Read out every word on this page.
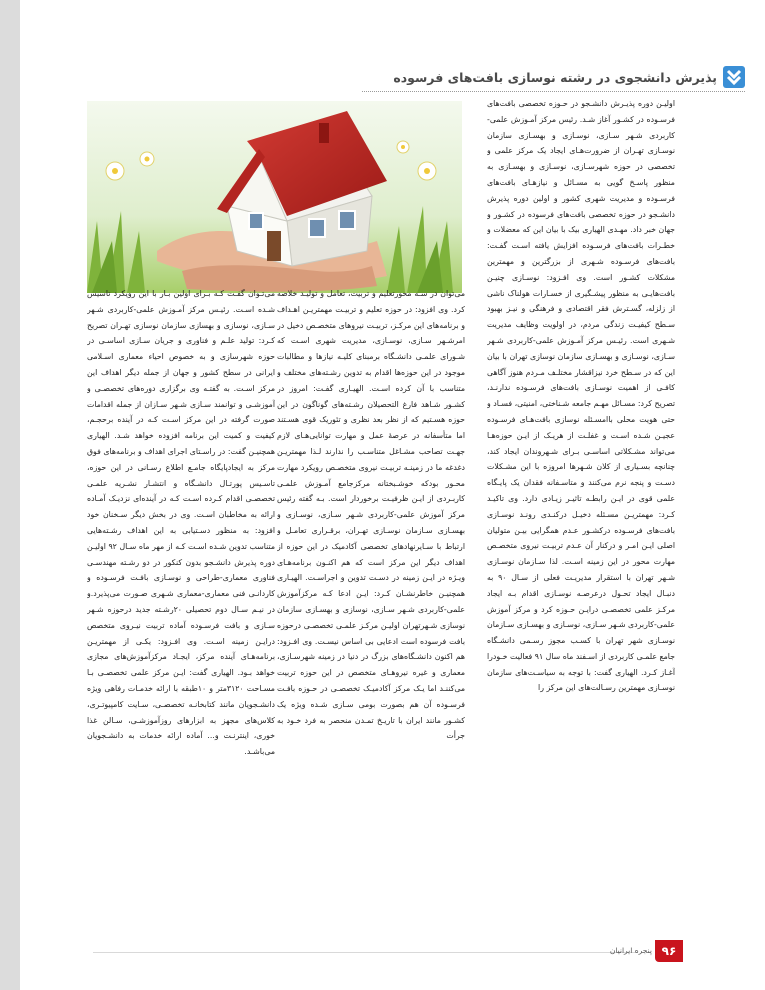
پذیرش دانشجوی در رشته نوسازی بافت‌های فرسوده

اولیـن دوره پذیـرش دانشـجو در حـوزه تخصصی بافت‌های فرسـوده در کشـور آغاز شـد. رئیس مرکز آمـوزش علمی-کاربردی شـهر سـازی، نوسـازی و بهسـازی سازمان نوسـازی تهـران از ضرورت‌هـای ایجاد یک مرکز علمی و تخصصی در حوزه شهرسـازی، نوسـازی و بهسـازی به منظور پاسـخ گویی به مسـائل و نیازهـای بافت‌های فرسـوده و مدیریت شهری کشور و اولین دوره پذیرش دانشـجو در حوزه تخصصی بافت‌های فرسوده در کشـور و جهان خبر داد. مهـدی الهیاری بیک با بیان این که معضلات و خطـرات بافت‌های فرسـوده افزایش یافته اسـت گفـت: بافت‌های فرسـوده شـهری از بزرگترین و مهمترین مشکلات کشـور است. وی افـزود: نوسـازی چنیـن بافت‌هایـی به منظور پیشـگیری از خسـارات هولناک ناشی از زلزله، گسـترش فقر اقتصادی و فرهنگی و نیـز بهبود سـطح کیفیـت زندگی مردم، در اولویت وظایف مدیریت شـهری است. رئیـس مرکز آمـوزش علمی-کاربردی شـهر سـازی، نوسـازی و بهسـازی سازمان نوسازی تهران با بیان این که در سـطح خرد نیزاقشار مختلـف مـردم هنوز آگاهی کافـی از اهمیت نوسـازی بافت‌های فرسـوده ندارنـد، تصریح کرد: مسـائل مهـم جامعه شـناختی، امنیتی، فسـاد و حتی هویت محلی باامسـئله نوسازی بافت‌هـای فرسـوده عجیـن شـده اسـت و غفلـت از هریـک از ایـن حوزه‌هـا می‌تواند مشـکلاتی اساسـی بـرای شـهروندان ایجاد کند، چنانچه بسـیاری از کلان شـهرها امروزه با این مشـکلات دسـت و پنجه نرم می‌کنند و متاسـفانه فقدان یک پایـگاه علمی قوی در ایـن رابطـه تاثیـر زیـادی دارد. وی تاکیـد کـرد: مهمتریـن مسـئله دخیـل درکنـدی رونـد نوسـازی بافت‌های فرسـوده درکشـور عـدم همگرایی بیـن متولیان اصلی ایـن امـر و درکنار آن عـدم تربیـت نیروی متخصـص مهارت محور در این زمینه اسـت. لذا سـازمان نوسـازی شـهر تهران با استقرار مدیریـت فعلی از سـال ۹۰ به دنبـال ایجاد تحـول درعرصـه نوسـازی اقدام بـه ایجاد مرکـز علمی تخصصـی درایـن حـوزه کرد و مرکز آموزش علمی-کاربردی شـهر سـازی، نوسـازی و بهسـازی سـازمان نوسـازی شهر تهران با کسـب مجوز رسـمی دانشـگاه جامع علمـی کاربردی از اسـفند ماه سال ۹۱ فعالیت خـودرا آغـاز کـرد. الهیاری گفت: با توجه به سیاسـت‌های سازمان نوسـازی مهمترین رسـالت‌های این مرکز را

می‌توان در سـه محورتعلیم و تربیت، تعامل و تولیـد خلاصه کرد. وی افزود: در حوزه تعلیم و تربیـت مهمتریـن اهـداف و برنامه‌های این مرکـز، تربیـت نیروهای متخصـص دخیل در امرشـهر سـازی، نوسـازی، مدیریت شهری اسـت که شـورای علمـی دانشـگاه برمبنای کلیـه نیازها و مطالبات موجود در این حوزه‌ها اقدام به تدوین رشـته‌های مختلف و متناسب با آن کرده اسـت. الهیـاری گفـت: امروز در کشـور شـاهد فارغ التحصیلان رشـته‌های گوناگون در این حوزه هسـتیم که از نظر بعد نظری و تئوریک قوی هسـتند اما متأسفانه در عرصۀ عمل و مهارت توانایی‌هـای لازم جهـت تصاحب مشـاغل متناسـب را ندارند لـذا مهمتریـن دغدغه ما در زمینـه تربیـت نیروی متخصـص رویکرد مهارت محـور بودکه خوشـبختانه مرکزجامع آمـوزش علمـی کاربـردی از ایـن ظرفیـت برخوردار است. بـه گفته رئیس مرکز آموزش علمی-کاربردی شـهر سـازی، نوسـازی و بهسـازی سـازمان نوسـازی تهـران، برقـراری تعامـل و ارتباط با سـایرنهادهای تخصصی آکادمیک در این حوزه از اهداف دیگر این مرکز است که هم اکنـون برنامه‌هـای ویـژه در ایـن زمینه در دسـت تدوین و اجراسـت. الهیـاری همچنیـن خاطرنشـان کـرد: ایـن ادعا کـه مرکزآموزش علمی-کاربردی شـهر سـازی، نوسازی و بهسـازی سازمان نوسازی شـهرتهران اولیـن مرکـز علمـی تخصصـی درحوزه بافت فرسوده است ادعایی بی اساس نیسـت. وی افـزود: هم اکنون دانشـگاه‌های بزرگ در دنیا در زمینه شهرسـازی، معماری و غیره نیروهـای متخصص در این حوزه تربیت می‌کننـد اما یـک مرکز آکادمیـک تخصصـی در حـوزه بافـت فرسـوده آن هم بصورت بومی سـازی شـده ویژه یک کشـور مانند ایران با تاریـخ تمـدن منحصر به فرد خـود به جرأت

می‌تـوان گفـت کـه بـرای اولین بـار با این رویکرد تاسیس شـده اسـت. رئیـس مرکز آمـوزش علمی-کاربردی شـهر سـازی، نوسازی و بهسازی سازمان نوسازی تهـران تصریح کـرد: تولید علـم و فناوری و جریان سـازی اساسـی در حوزه شهرسازی و به خصوص احیاء معماری اسـلامی ایرانی در سطح کشور و جهان از جمله دیگر اهداف این مرکز اسـت. به گفتـه وی برگزاری دوره‌های تخصصـی و آموزشـی و توانمند سـازی شـهر سـازان از جمله اقدامات صورت گرفته در این مرکز اسـت کـه در آینده برحجـم، کیفیت و کمیت این برنامه افزوده خواهد شـد. الهیاری همچنیـن گفت: در راسـتای اجرای اهداف و برنامه‌های فوق مرکز به ایجادپایگاه جامـع اطلاع رسـانی در این حوزه، تاسـیس پورتـال دانشـگاه و انتشـار نشـریه علمـی تخصصـی اقدام کـرده اسـت کـه در آینده‌ای نزدیـک آمـاده ارائه به مخاطبان اسـت. وی در بخش دیگر سـخنان خود افزود: به منظور دسـتیابی به این اهداف رشـته‌هایی متناسب تدوین شـده اسـت کـه از مهر ماه سـال ۹۲ اولیـن دوره پذیرش دانشـجو بدون کنکور در دو رشـته مهندسـی فناوری معماری-طراحی و نوسـازی بافـت فرسـوده و کاردانـی فنی معماری-معماری شـهری صـورت می‌پذیرد.و در نیـم سـال دوم تحصیلی ۲۰رشـته جدید درحوزه شـهر سـازی و بافت فرسـوده آماده تربیت نیـروی متخصص درایـن زمینه اسـت. وی افـزود: یکـی از مهمتریـن برنامه‌هـای آینده مرکز، ایجـاد مرکزآموزش‌های مجازی خواهد بـود. الهیاری گفت: ایـن مرکز علمی تخصصـی بـا مسـاحت ۳۱۲۰متر و ۱۰طبقه با ارائه خدمـات رفاهی ویژه دانشـجویان مانند کتابخانـه تخصصـی، سـایت کامپیوتـری، کلاس‌های مجهز به ابزارهای روزآموزشـی، سـالن غذا خوری، اینترنـت و... آماده ارائه خدمات به دانشـجویان می‌باشـد.

پنجره ایرانیان ۹۶
